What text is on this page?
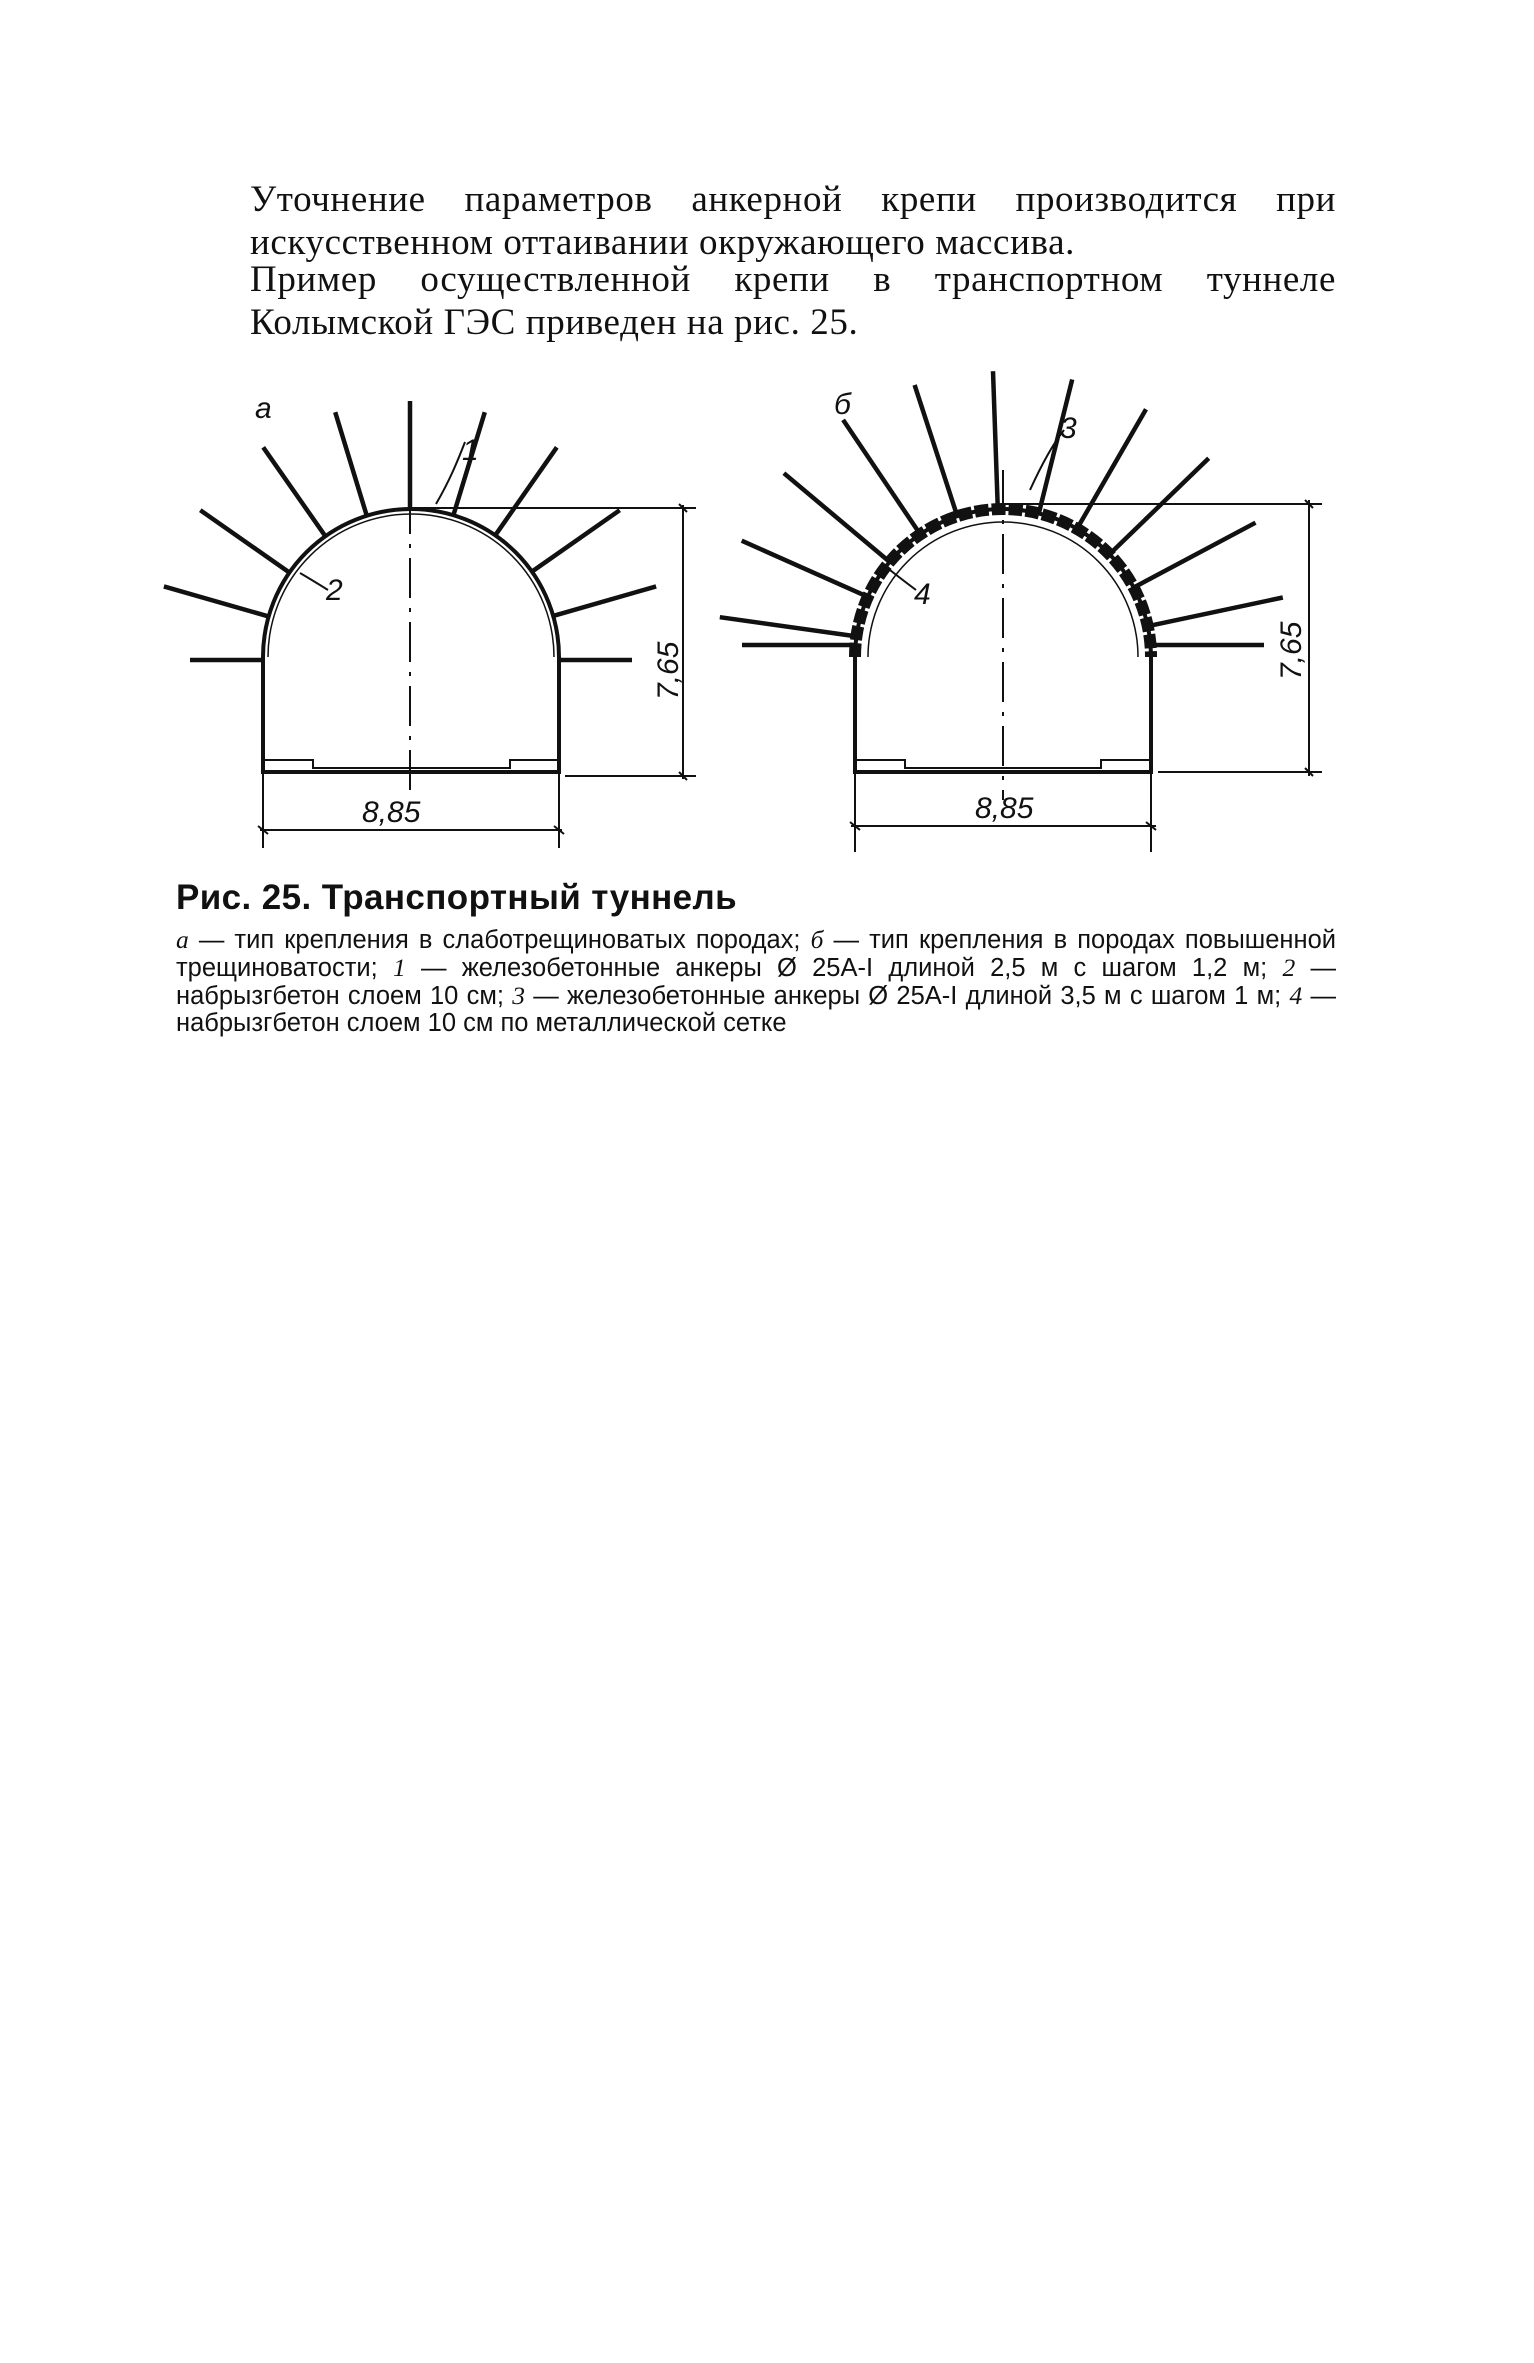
Уточнение параметров анкерной крепи производится при искусственном оттаивании окружающего массива.

Пример осуществленной крепи в транспортном туннеле Колымской ГЭС приведен на рис. 25.

а
8,85
7,65
1
2
б
8,85
7,65
3
4

Рис. 25. Транспортный туннель

а — тип крепления в слаботрещиноватых породах; б — тип крепления в породах повышенной трещиноватости; 1 — железобетонные анкеры Ø 25А-I длиной 2,5 м с шагом 1,2 м; 2 — набрызгбетон слоем 10 см; 3 — железобетонные анкеры Ø 25А-I длиной 3,5 м с шагом 1 м; 4 — набрызгбетон слоем 10 см по металлической сетке
